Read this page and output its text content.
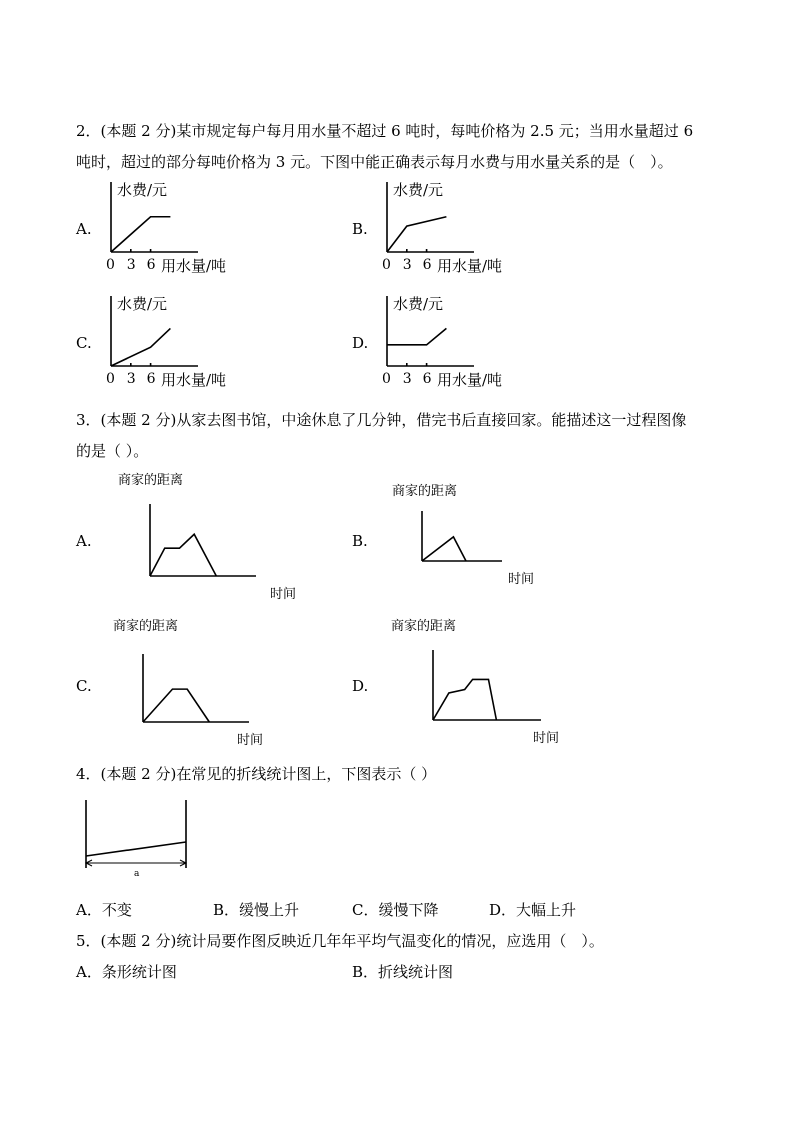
2．(本题 2 分)某市规定每户每月用水量不超过 6 吨时，每吨价格为 2.5 元；当用水量超过 6
吨时，超过的部分每吨价格为 3 元。下图中能正确表示每月水费与用水量关系的是（　）。
A.	B.
C.	D.
0 3 6
水费/元
用水量/吨	0 3 6
水费/元
用水量/吨
0 3 6
水费/元
用水量/吨	0 3 6
水费/元
用水量/吨
3．(本题 2 分)从家去图书馆，中途休息了几分钟，借完书后直接回家。能描述这一过程图像
的是（ ）。
A.	B.
C.	D.
商家的距离
时间
商家的距离
时间
商家的距离
时间
商家的距离
时间
4．(本题 2 分)在常见的折线统计图上，下图表示（ ）
a
A．不变	B．缓慢上升	C．缓慢下降	D．大幅上升
5．(本题 2 分)统计局要作图反映近几年年平均气温变化的情况，应选用（　）。
A．条形统计图	B．折线统计图
